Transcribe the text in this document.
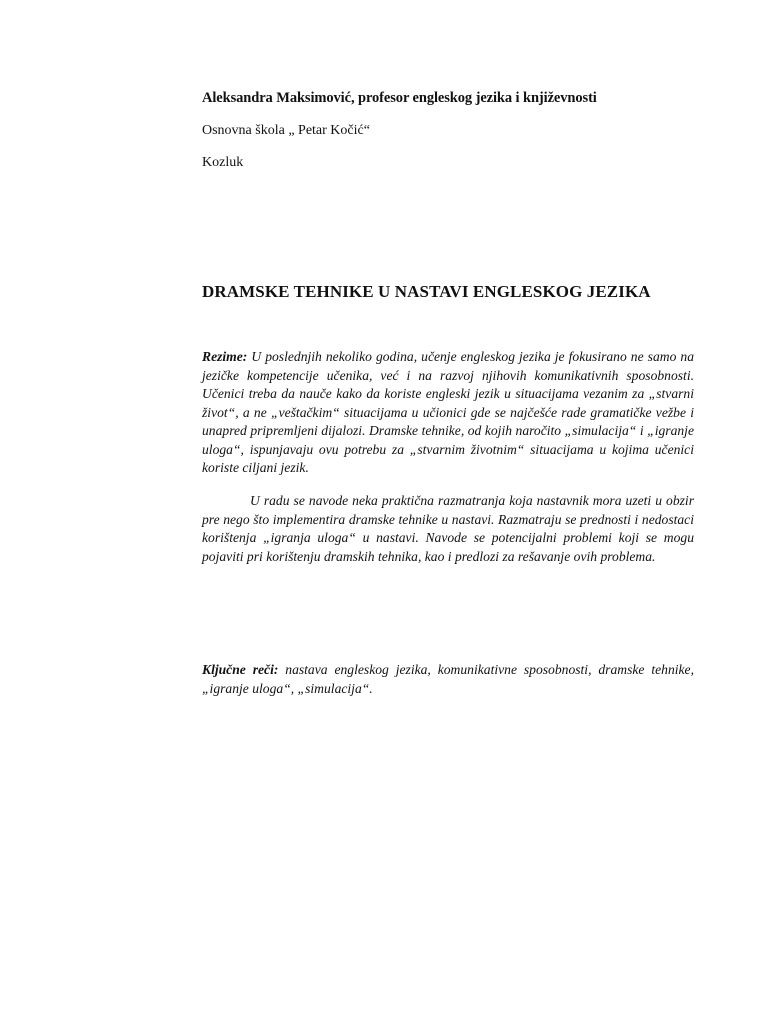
Aleksandra Maksimović, profesor engleskog jezika i književnosti
Osnovna škola „ Petar Kočić“
Kozluk
DRAMSKE TEHNIKE U NASTAVI ENGLESKOG JEZIKA

Rezime: U poslednjih nekoliko godina, učenje engleskog jezika je fokusirano ne samo na jezičke kompetencije učenika, već i na razvoj njihovih komunikativnih sposobnosti. Učenici treba da nauče kako da koriste engleski jezik u situacijama vezanim za „stvarni život“, a ne „veštačkim“ situacijama u učionici gde se najčešće rade gramatičke vežbe i unapred pripremljeni dijalozi. Dramske tehnike, od kojih naročito „simulacija“ i „igranje uloga“, ispunjavaju ovu potrebu za „stvarnim životnim“ situacijama u kojima učenici koriste ciljani jezik.

U radu se navode neka praktična razmatranja koja nastavnik mora uzeti u obzir pre nego što implementira dramske tehnike u nastavi. Razmatraju se prednosti i nedostaci korištenja „igranja uloga“ u nastavi. Navode se potencijalni problemi koji se mogu pojaviti pri korištenju dramskih tehnika, kao i predlozi za rešavanje ovih problema.

Ključne reči: nastava engleskog jezika, komunikativne sposobnosti, dramske tehnike, „igranje uloga“, „simulacija“.
